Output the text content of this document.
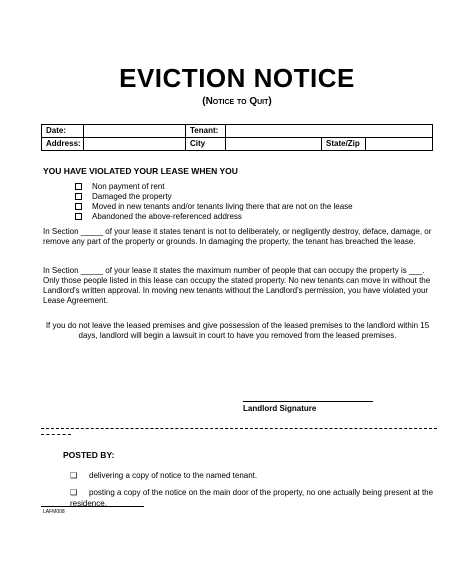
EVICTION NOTICE
(Notice to Quit)
Date:		Tenant:			
Address:		City		State/Zip	
YOU HAVE VIOLATED YOUR LEASE WHEN YOU
Non payment of rent
Damaged the property
Moved in new tenants and/or tenants living there that are not on the lease
Abandoned the above-referenced address
In Section _____ of your lease it states tenant is not to deliberately, or negligently destroy, deface, damage, or remove any part of the property or grounds. In damaging the property, the tenant has breached the lease.
In Section _____ of your lease it states the maximum number of people that can occupy the property is ___. Only those people listed in this lease can occupy the stated property. No new tenants can move in without the Landlord's written approval. In moving new tenants without the Landlord's permission, you have violated your Lease Agreement.
If you do not leave the leased premises and give possession of the leased premises to the landlord within 15 days, landlord will begin a lawsuit in court to have you removed from the leased premises.
Landlord Signature
POSTED BY:
❏ delivering a copy of notice to the named tenant.
❏ posting a copy of the notice on the main door of the property, no one actually being present at the residence.
LAFM008
